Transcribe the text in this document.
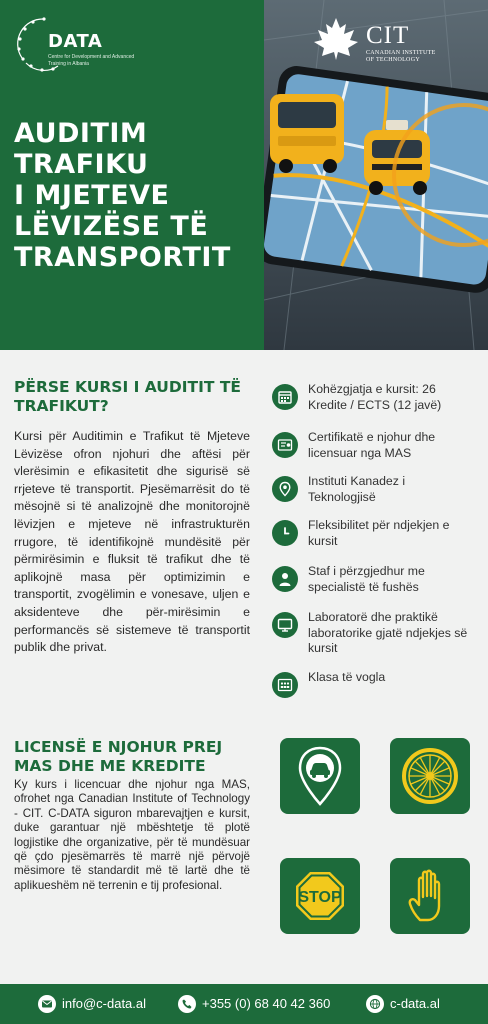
DATA
Centre for Development and Advanced Training in Albania
AUDITIM
TRAFIKU
I MJETEVE
LËVIZËSE TË
TRANSPORTIT
CIT
CANADIAN INSTITUTE
OF TECHNOLOGY
PËRSE KURSI I AUDITIT TË TRAFIKUT?

Kursi për Auditimin e Trafikut të Mjeteve Lëvizëse ofron njohuri dhe aftësi për vlerësimin e efikasitetit dhe sigurisë së rrjeteve të transportit. Pjesëmarrësit do të mësojnë si të analizojnë dhe monitorojnë lëvizjen e mjeteve në infrastrukturën rrugore, të identifikojnë mundësitë për përmirësimin e fluksit të trafikut dhe të aplikojnë masa për optimizimin e transportit, zvogëlimin e vonesave, uljen e aksidenteve dhe për-mirësimin e performancës së sistemeve të transportit publik dhe privat.

LICENSË E NJOHUR PREJ MAS DHE ME KREDITE

Ky kurs i licencuar dhe njohur nga MAS, ofrohet nga Canadian Institute of Technology - CIT. C-DATA siguron mbarevajtjen e kursit, duke garantuar një mbështetje të plotë logjistike dhe organizative, për të mundësuar që çdo pjesëmarrës të marrë një përvojë mësimore të standardit më të lartë dhe të aplikueshëm në terrenin e tij profesional.

Kohëzgjatja e kursit: 26 Kredite / ECTS (12 javë)
Certifikatë e njohur dhe licensuar nga MAS
Instituti Kanadez i Teknologjisë
Fleksibilitet për ndjekjen e kursit
Staf i përzgjedhur me specialistë të fushës
Laboratorë dhe praktikë laboratorike gjatë ndjekjes së kursit
Klasa të vogla
STOP
info@c-data.al	+355 (0) 68 40 42 360	c-data.al
